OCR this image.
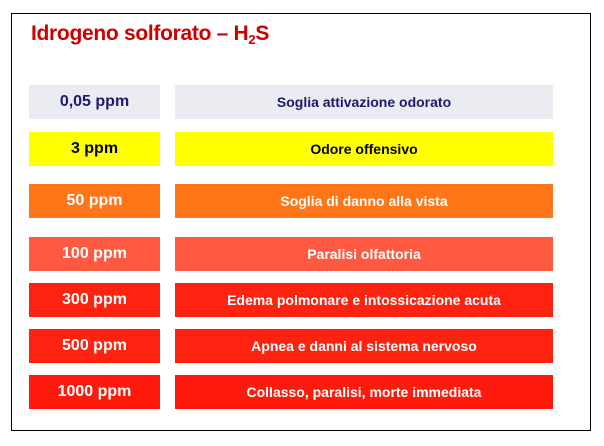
Idrogeno solforato – $H_2S$
0,05 ppm	Soglia attivazione odorato
3 ppm	Odore offensivo
50 ppm	Soglia di danno alla vista
100 ppm	Paralisi olfattoria
300 ppm	Edema polmonare e intossicazione acuta
500 ppm	Apnea e danni al sistema nervoso
1000 ppm	Collasso, paralisi, morte immediata
